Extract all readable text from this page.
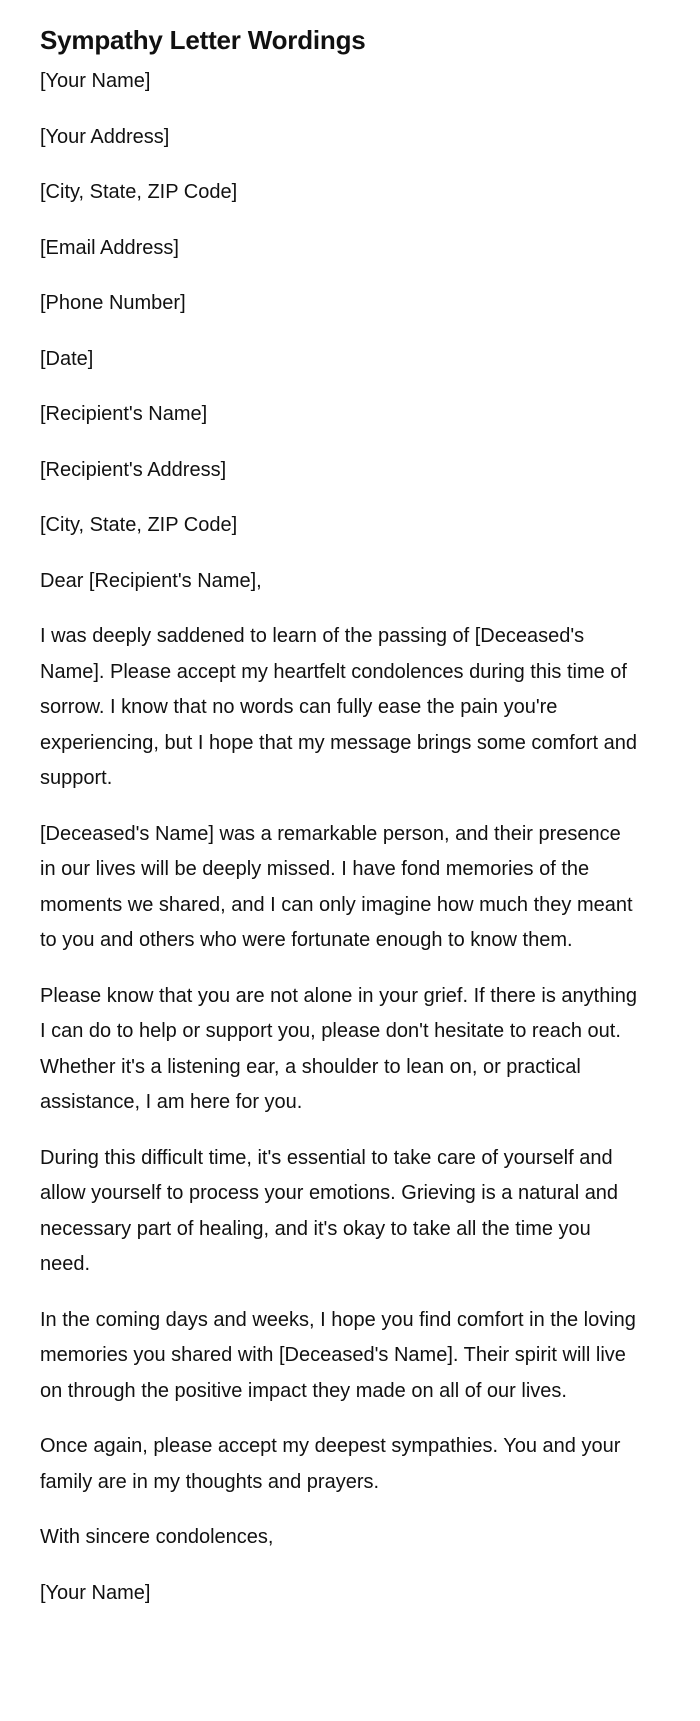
Sympathy Letter Wordings

[Your Name]

[Your Address]

[City, State, ZIP Code]

[Email Address]

[Phone Number]

[Date]

[Recipient's Name]

[Recipient's Address]

[City, State, ZIP Code]

Dear [Recipient's Name],

I was deeply saddened to learn of the passing of [Deceased's Name]. Please accept my heartfelt condolences during this time of sorrow. I know that no words can fully ease the pain you're experiencing, but I hope that my message brings some comfort and support.

[Deceased's Name] was a remarkable person, and their presence in our lives will be deeply missed. I have fond memories of the moments we shared, and I can only imagine how much they meant to you and others who were fortunate enough to know them.

Please know that you are not alone in your grief. If there is anything I can do to help or support you, please don't hesitate to reach out. Whether it's a listening ear, a shoulder to lean on, or practical assistance, I am here for you.

During this difficult time, it's essential to take care of yourself and allow yourself to process your emotions. Grieving is a natural and necessary part of healing, and it's okay to take all the time you need.

In the coming days and weeks, I hope you find comfort in the loving memories you shared with [Deceased's Name]. Their spirit will live on through the positive impact they made on all of our lives.

Once again, please accept my deepest sympathies. You and your family are in my thoughts and prayers.

With sincere condolences,

[Your Name]
